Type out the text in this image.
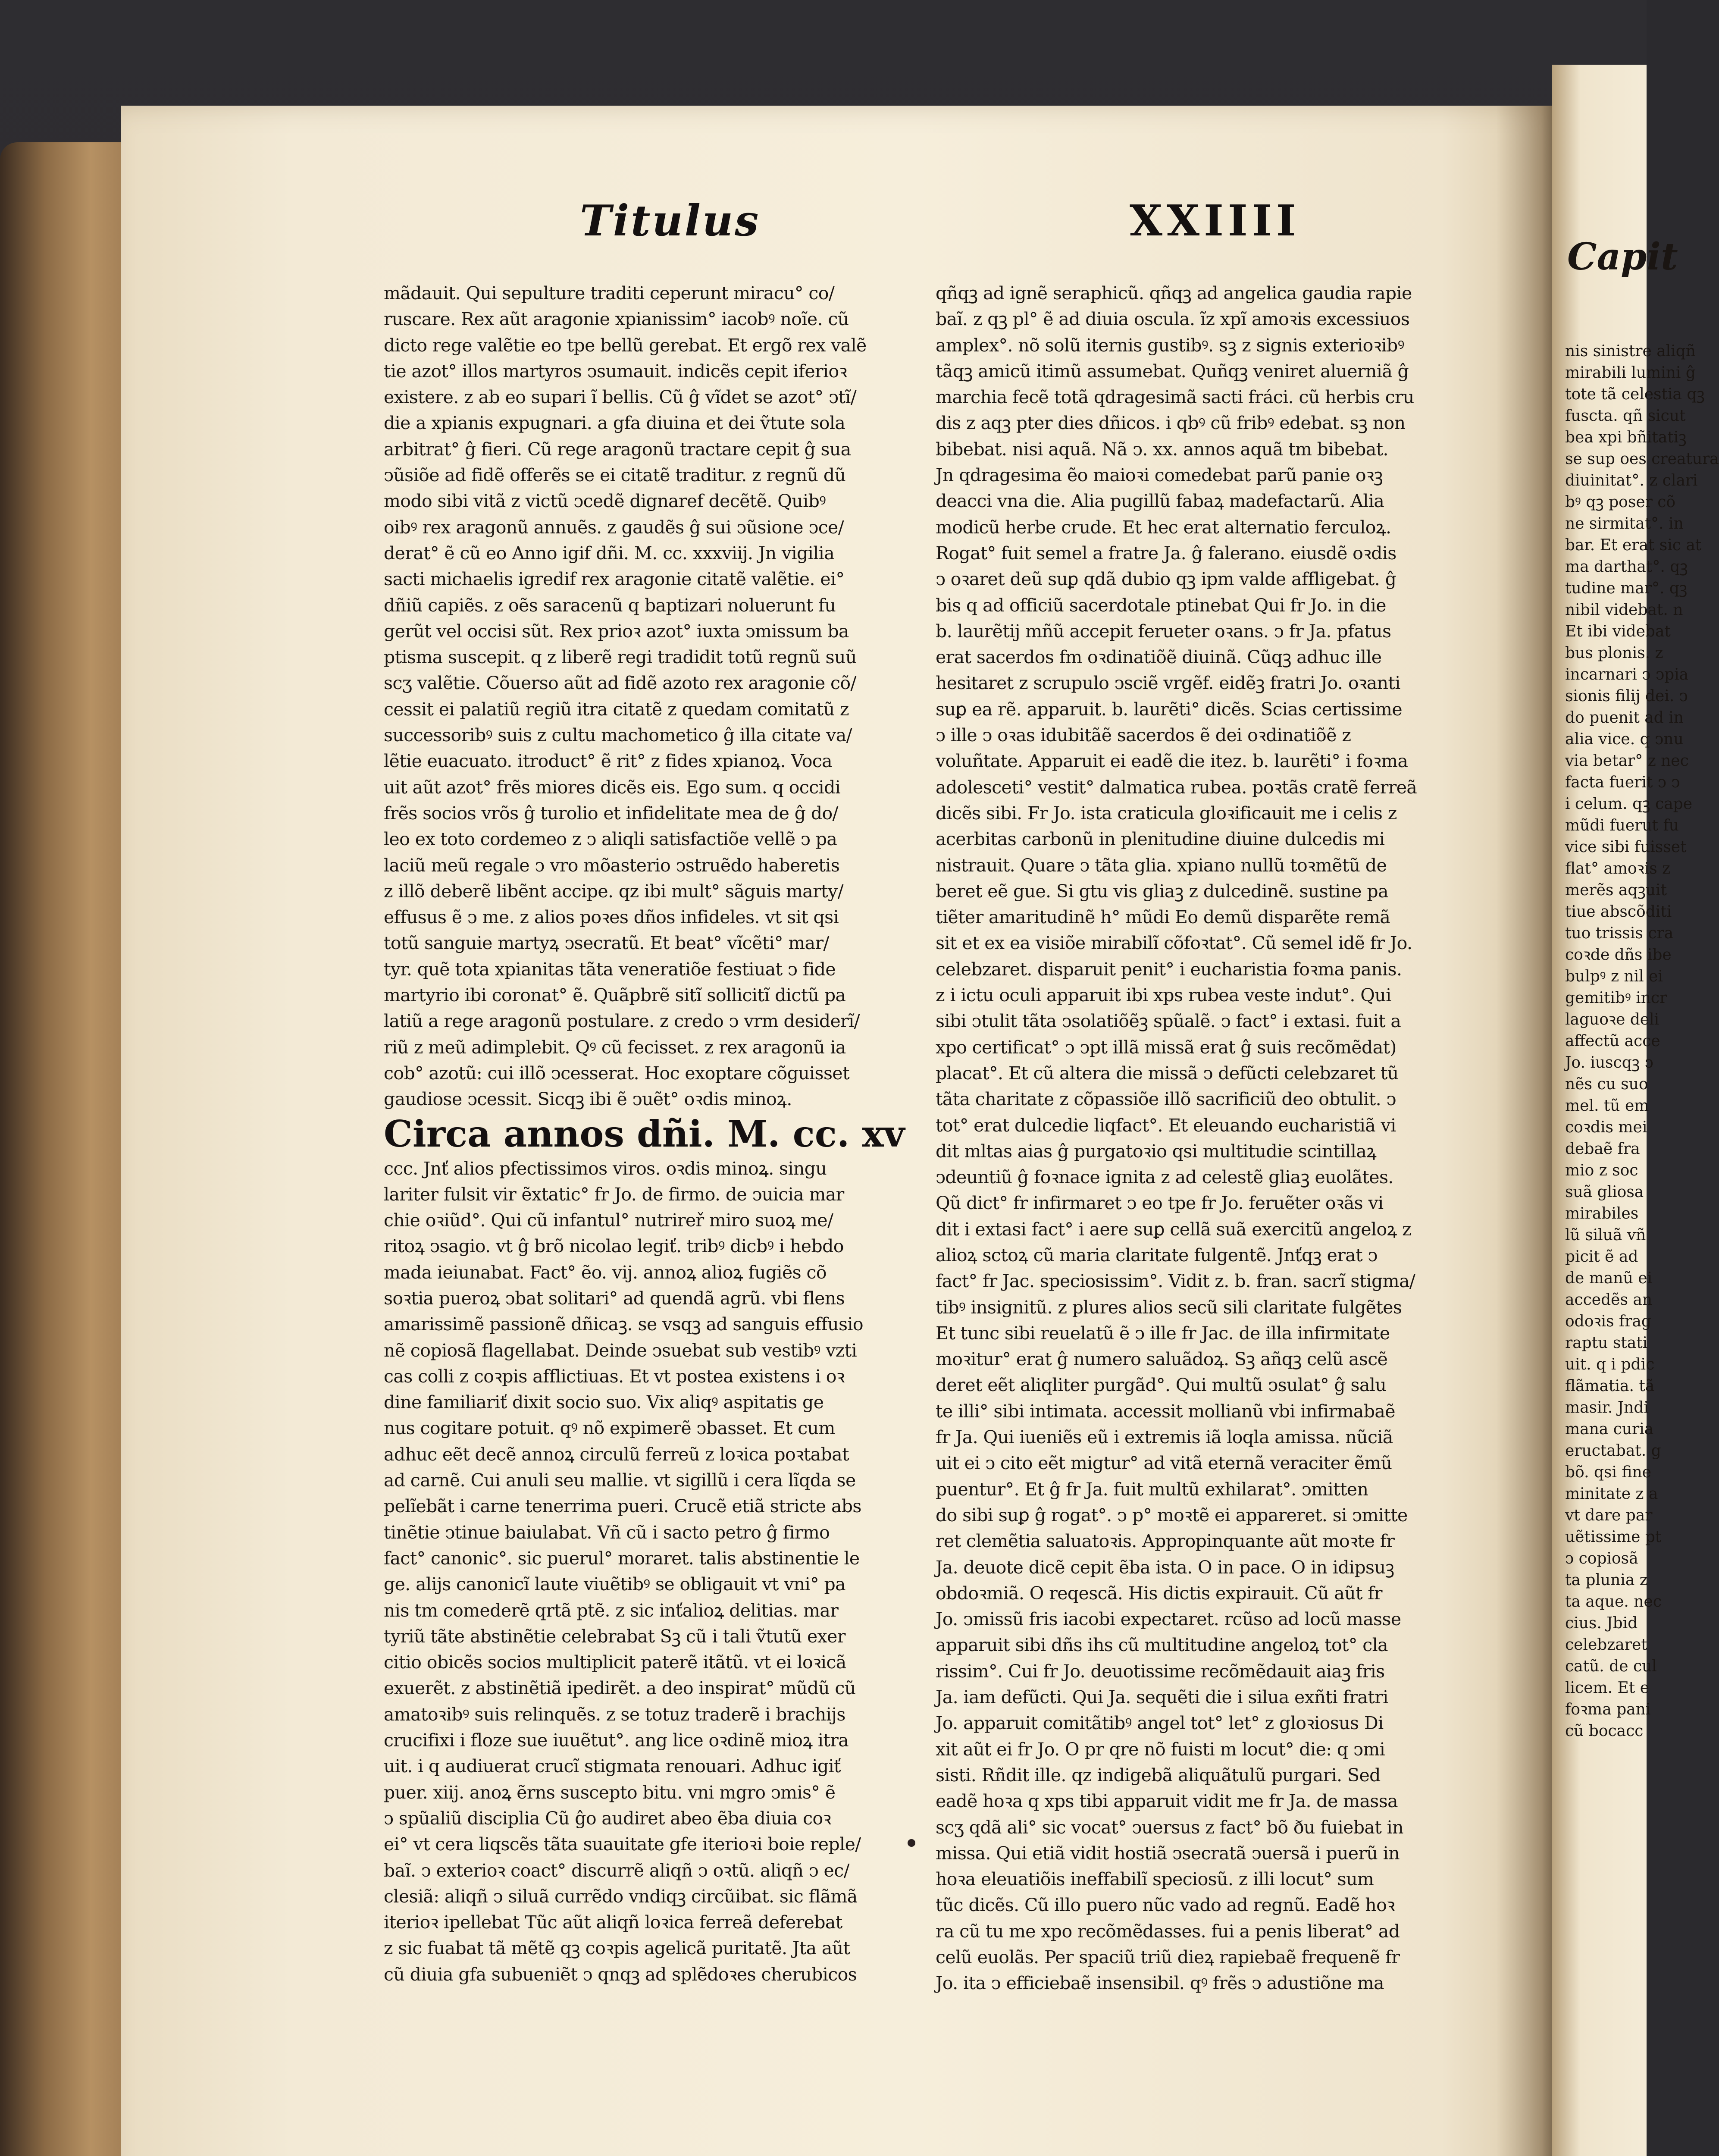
Capit

nis sinistre aliqñ

mirabili lumini ĝ

tote tã celestia qꝫ

fuscta. qñ sicut

bea xpi bñitatiꝫ

se sup oes creatura

diuinitat°. z clari

bꝰ qꝫ poser cõ

ne sirmitat°. in

bar. Et erat sic at

ma darthat°. qꝫ

tudine mar°. qꝫ

nibil videbat. n

Et ibi videbat

bus plonis. z

incarnari ↄ ↄpia

sionis filij dei. ↄ

do puenit ad in

alia vice. q ↄnu

via betar° z nec

facta fuerit ↄ ↄ

i celum. qꝫ cape

mũdi fuerut fu

vice sibi fuisset

flat° amoꝛis z

merẽs aqꝫuit

tiue abscõditi

tuo trissis cra

coꝛde dñs ibe

bulpꝰ z nil ei

gemitibꝰ incr

laguoꝛe deli

affectũ acce

Jo. iuscqꝫ ↄ

nẽs cu suo

mel. tũ em

coꝛdis mei

debaẽ fra

mio z soc

suã gliosa

mirabiles

lũ siluã vñ

picit ẽ ad

de manũ ei

accedẽs an

odoꝛis frag

raptu stati

uit. q i pdic

flãmatia. tã

masir. Jndi

mana curia

eructabat. g

bõ. qsi fine

minitate z a

vt dare par

uẽtissime pt

ↄ copiosã

ta plunia z

ta aque. nec

cius. Jbid

celebzaret

catũ. de cul

licem. Et e

foꝛma pani

cũ bocacc

Titulus	XXIIII

mãdauit. Qui sepulture traditi ceperunt miracu° co/

ruscare. Rex aũt aragonie xpianissim° iacobꝰ noĩe. cũ

dicto rege valẽtie eo tpe bellũ gerebat. Et ergõ rex valẽ

tie azot° illos martyros ↄsumauit. indicẽs cepit iferioꝛ

existere. z ab eo supari ĩ bellis. Cũ ĝ vĩdet se azot° ↄtĩ/

die a xpianis expugnari. a gfa diuina et dei ṽtute sola

arbitrat° ĝ fieri. Cũ rege aragonũ tractare cepit ĝ sua

ↄũsiõe ad fidẽ offerẽs se ei citatẽ traditur. z regnũ dũ

modo sibi vitã z victũ ↄcedẽ dignaref decẽtẽ. Quibꝰ

oibꝰ rex aragonũ annuẽs. z gaudẽs ĝ sui ↄũsione ↄce/

derat° ẽ cũ eo Anno igif dñi. M. cc. xxxviij. Jn vigilia

sacti michaelis igredif rex aragonie citatẽ valẽtie. ei°

dñiũ capiẽs. z oẽs saracenũ q baptizari noluerunt fu

gerũt vel occisi sũt. Rex prioꝛ azot° iuxta ↄmissum ba

ptisma suscepit. q z liberẽ regi tradidit totũ regnũ suũ

scʒ valẽtie. Cõuerso aũt ad fidẽ azoto rex aragonie cõ/

cessit ei palatiũ regiũ itra citatẽ z quedam comitatũ z

successoribꝰ suis z cultu machometico ĝ illa citate va/

lẽtie euacuato. itroduct° ẽ rit° z fides xpianoꝝ. Voca

uit aũt azot° frẽs miores dicẽs eis. Ego sum. q occidi

frẽs socios vrõs ĝ turolio et infidelitate mea de ĝ do/

leo ex toto cordemeo z ↄ aliqli satisfactiõe vellẽ ↄ pa

laciũ meũ regale ↄ vro mõasterio ↄstruẽdo haberetis

z illõ deberẽ libẽnt accipe. qz ibi mult° sãguis marty/

effusus ẽ ↄ me. z alios poꝛes dños infideles. vt sit qsi

totũ sanguie martyꝝ ↄsecratũ. Et beat° vĩcẽti° mar/

tyr. quẽ tota xpianitas tãta veneratiõe festiuat ↄ fide

martyrio ibi coronat° ẽ. Quãpbrẽ sitĩ sollicitĩ dictũ pa

latiũ a rege aragonũ postulare. z credo ↄ vrm desiderĩ/

riũ z meũ adimplebit. Qꝰ cũ fecisset. z rex aragonũ ia

cob° azotũ: cui illõ ↄcesserat. Hoc exoptare cõguisset

gaudiose ↄcessit. Sicqꝫ ibi ẽ ↄuẽt° oꝛdis minoꝝ.

Circa annos dñi. M. cc. xv

ccc. Jnť alios pfectissimos viros. oꝛdis minoꝝ. singu

lariter fulsit vir ẽxtatic° fr Jo. de firmo. de ↄuicia mar

chie oꝛiũd°. Qui cũ infantul° nutrireř miro suoꝝ me/

ritoꝝ ↄsagio. vt ĝ brõ nicolao legiť. tribꝰ dicbꝰ i hebdo

mada ieiunabat. Fact° ẽo. vij. annoꝝ alioꝝ fugiẽs cõ

soꝛtia pueroꝝ ↄbat solitari° ad quendã agrũ. vbi flens

amarissimẽ passionẽ dñicaꝫ. se vsqꝫ ad sanguis effusio

nẽ copiosã flagellabat. Deinde ↄsuebat sub vestibꝰ vzti

cas colli z coꝛpis afflictiuas. Et vt postea existens i oꝛ

dine familiariť dixit socio suo. Vix aliqꝰ aspitatis ge

nus cogitare potuit. qꝰ nõ expimerẽ ↄbasset. Et cum

adhuc eẽt decẽ annoꝝ circulũ ferreũ z loꝛica poꝛtabat

ad carnẽ. Cui anuli seu mallie. vt sigillũ i cera lĩqda se

pelĩebãt i carne tenerrima pueri. Crucẽ etiã stricte abs

tinẽtie ↄtinue baiulabat. Vñ cũ i sacto petro ĝ firmo

fact° canonic°. sic puerul° moraret. talis abstinentie le

ge. alijs canonicĩ laute viuẽtibꝰ se obligauit vt vni° pa

nis tm comederẽ qrtã ptẽ. z sic inťalioꝝ delitias. mar

tyriũ tãte abstinẽtie celebrabat Sꝫ cũ i tali ṽtutũ exer

citio obicẽs socios multiplicit paterẽ itãtũ. vt ei loꝛicã

exuerẽt. z abstinẽtiã ipedirẽt. a deo inspirat° mũdũ cũ

amatoꝛibꝰ suis relinquẽs. z se totuz traderẽ i brachijs

crucifixi i floze sue iuuẽtut°. ang lice oꝛdinẽ mioꝝ itra

uit. i q audiuerat crucĩ stigmata renouari. Adhuc igiť

puer. xiij. anoꝝ ẽrns suscepto bitu. vni mgro ↄmis° ẽ

ↄ spũaliũ disciplia Cũ ĝo audiret abeo ẽba diuia coꝛ

ei° vt cera liqscẽs tãta suauitate gfe iterioꝛi boie reple/

baĩ. ↄ exterioꝛ coact° discurrẽ aliqñ ↄ oꝛtũ. aliqñ ↄ ec/

clesiã: aliqñ ↄ siluã currẽdo vndiqꝫ circũibat. sic flãmã

iterioꝛ ipellebat Tũc aũt aliqñ loꝛica ferreã deferebat

z sic fuabat tã mẽtẽ qꝫ coꝛpis agelicã puritatẽ. Jta aũt

cũ diuia gfa subueniẽt ↄ qnqꝫ ad splẽdoꝛes cherubicos

qñqꝫ ad ignẽ seraphicũ. qñqꝫ ad angelica gaudia rapie

baĩ. z qꝫ pl° ẽ ad diuia oscula. ĩz xpĩ amoꝛis excessiuos

amplex°. nõ solũ iternis gustibꝰ. sꝫ z signis exterioꝛibꝰ

tãqꝫ amicũ itimũ assumebat. Quñqꝫ veniret aluerniã ĝ

marchia fecẽ totã qdragesimã sacti fráci. cũ herbis cru

dis z aqꝫ pter dies dñicos. i qbꝰ cũ fribꝰ edebat. sꝫ non

bibebat. nisi aquã. Nã ↄ. xx. annos aquã tm bibebat.

Jn qdragesima ẽo maioꝛi comedebat parũ panie oꝛꝫ

deacci vna die. Alia pugillũ fabaꝝ madefactarũ. Alia

modicũ herbe crude. Et hec erat alternatio ferculoꝝ.

Rogat° fuit semel a fratre Ja. ĝ falerano. eiusdẽ oꝛdis

ↄ oꝛaret deũ suꝑ qdã dubio qꝫ ipm valde affligebat. ĝ

bis q ad officiũ sacerdotale ptinebat Qui fr Jo. in die

b. laurẽtij mñũ accepit ferueter oꝛans. ↄ fr Ja. pfatus

erat sacerdos fm oꝛdinatiõẽ diuinã. Cũqꝫ adhuc ille

hesitaret z scrupulo ↄsciẽ vrgẽf. eidẽꝫ fratri Jo. oꝛanti

suꝑ ea rẽ. apparuit. b. laurẽti° dicẽs. Scias certissime

ↄ ille ↄ oꝛas idubitãẽ sacerdos ẽ dei oꝛdinatiõẽ z

voluñtate. Apparuit ei eadẽ die itez. b. laurẽti° i foꝛma

adolesceti° vestit° dalmatica rubea. poꝛtãs cratẽ ferreã

dicẽs sibi. Fr Jo. ista craticula gloꝛificauit me i celis z

acerbitas carbonũ in plenitudine diuine dulcedis mi

nistrauit. Quare ↄ tãta glia. xpiano nullũ toꝛmẽtũ de

beret eẽ gue. Si gtu vis gliaꝫ z dulcedinẽ. sustine pa

tiẽter amaritudinẽ h° mũdi Eo demũ disparẽte remã

sit et ex ea visiõe mirabilĩ cõfoꝛtat°. Cũ semel idẽ fr Jo.

celebzaret. disparuit penit° i eucharistia foꝛma panis.

z i ictu oculi apparuit ibi xps rubea veste indut°. Qui

sibi ↄtulit tãta ↄsolatiõẽꝫ spũalẽ. ↄ fact° i extasi. fuit a

xpo certificat° ↄ ↄpt illã missã erat ĝ suis recõmẽdat)

placat°. Et cũ altera die missã ↄ defũcti celebzaret tũ

tãta charitate z cõpassiõe illõ sacrificiũ deo obtulit. ↄ

tot° erat dulcedie liqfact°. Et eleuando eucharistiã vi

dit mltas aias ĝ purgatoꝛio qsi multitudie scintillaꝝ

ↄdeuntiũ ĝ foꝛnace ignita z ad celestẽ gliaꝫ euolãtes.

Qũ dict° fr infirmaret ↄ eo tpe fr Jo. feruẽter oꝛãs vi

dit i extasi fact° i aere suꝑ cellã suã exercitũ angeloꝝ z

alioꝝ sctoꝝ cũ maria claritate fulgentẽ. Jnťqꝫ erat ↄ

fact° fr Jac. speciosissim°. Vidit z. b. fran. sacrĩ stigma/

tibꝰ insignitũ. z plures alios secũ sili claritate fulgẽtes

Et tunc sibi reuelatũ ẽ ↄ ille fr Jac. de illa infirmitate

moꝛitur° erat ĝ numero saluãdoꝝ. Sꝫ añqꝫ celũ ascẽ

deret eẽt aliqliter purgãd°. Qui multũ ↄsulat° ĝ salu

te illi° sibi intimata. accessit mollianũ vbi infirmabaẽ

fr Ja. Qui iueniẽs eũ i extremis iã loqla amissa. nũciã

uit ei ↄ cito eẽt migtur° ad vitã eternã veraciter ẽmũ

puentur°. Et ĝ fr Ja. fuit multũ exhilarat°. ↄmitten

do sibi suꝑ ĝ rogat°. ↄ p° moꝛtẽ ei appareret. si ↄmitte

ret clemẽtia saluatoꝛis. Appropinquante aũt moꝛte fr

Ja. deuote dicẽ cepit ẽba ista. O in pace. O in idipsuꝫ

obdoꝛmiã. O reqescã. His dictis expirauit. Cũ aũt fr

Jo. ↄmissũ fris iacobi expectaret. rcũso ad locũ masse

apparuit sibi dñs ihs cũ multitudine angeloꝝ tot° cla

rissim°. Cui fr Jo. deuotissime recõmẽdauit aiaꝫ fris

Ja. iam defũcti. Qui Ja. sequẽti die i silua exñti fratri

Jo. apparuit comitãtibꝰ angel tot° let° z gloꝛiosus Di

xit aũt ei fr Jo. O pr qre nõ fuisti m locut° die: q ↄmi

sisti. Rñdit ille. qz indigebã aliquãtulũ purgari. Sed

eadẽ hoꝛa q xps tibi apparuit vidit me fr Ja. de massa

scʒ qdã ali° sic vocat° ↄuersus z fact° bõ ðu fuiebat in

missa. Qui etiã vidit hostiã ↄsecratã ↄuersã i puerũ in

hoꝛa eleuatiõis ineffabilĩ speciosũ. z illi locut° sum

tũc dicẽs. Cũ illo puero nũc vado ad regnũ. Eadẽ hoꝛ

ra cũ tu me xpo recõmẽdasses. fui a penis liberat° ad

celũ euolãs. Per spaciũ triũ dieꝝ rapiebaẽ frequenẽ fr

Jo. ita ↄ efficiebaẽ insensibil. qꝰ frẽs ↄ adustiõne ma
